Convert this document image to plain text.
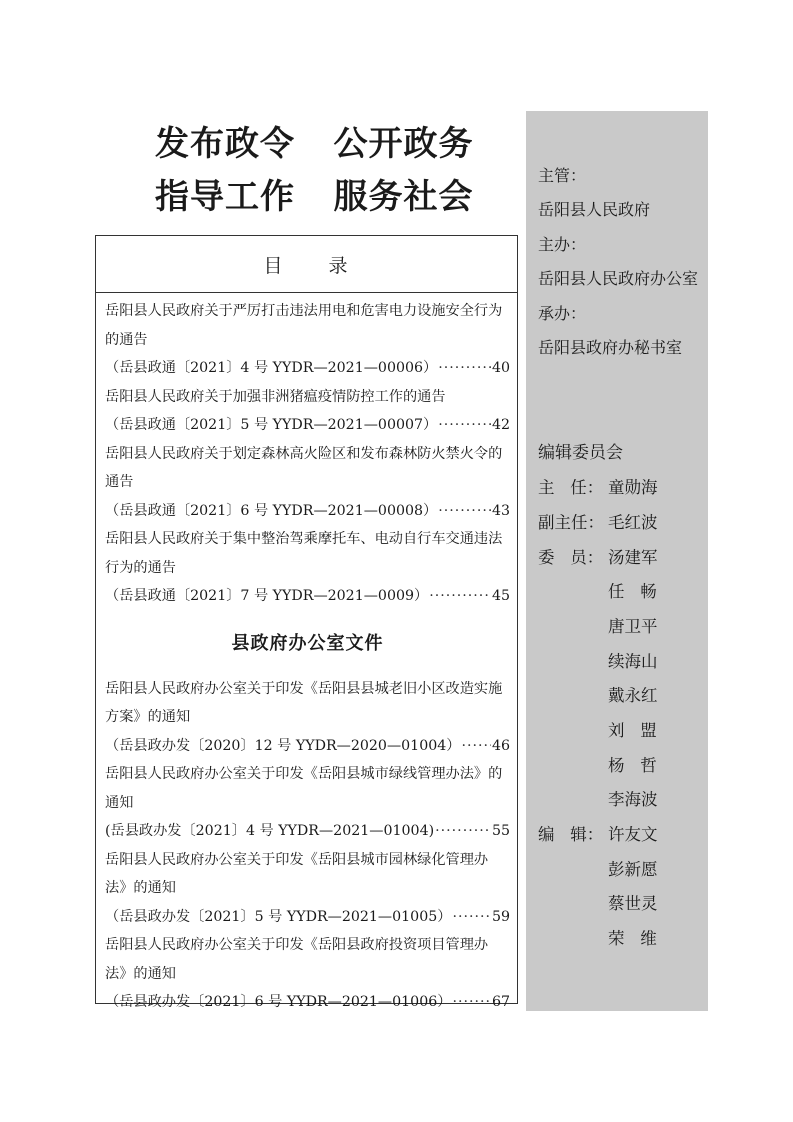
发布政令   公开政务
指导工作   服务社会
目 录
岳阳县人民政府关于严厉打击违法用电和危害电力设施安全行为的通告
（岳县政通〔2021〕4 号 YYDR—2021—00006） ·····	40
岳阳县人民政府关于加强非洲猪瘟疫情防控工作的通告
（岳县政通〔2021〕5 号 YYDR—2021—00007） ·····	42
岳阳县人民政府关于划定森林高火险区和发布森林防火禁火令的通告
（岳县政通〔2021〕6 号 YYDR—2021—00008） ·····	43
岳阳县人民政府关于集中整治驾乘摩托车、电动自行车交通违法行为的通告
（岳县政通〔2021〕7 号 YYDR—2021—0009） ·····	45
县政府办公室文件
岳阳县人民政府办公室关于印发《岳阳县县城老旧小区改造实施方案》的通知
（岳县政办发〔2020〕12 号 YYDR—2020—01004） ····· 46
岳阳县人民政府办公室关于印发《岳阳县城市绿线管理办法》的通知
(岳县政办发〔2021〕4 号 YYDR—2021—01004) ·····	55
岳阳县人民政府办公室关于印发《岳阳县城市园林绿化管理办法》的通知
（岳县政办发〔2021〕5 号 YYDR—2021—01005） ·····	59
岳阳县人民政府办公室关于印发《岳阳县政府投资项目管理办法》的通知
（岳县政办发〔2021〕6 号 YYDR—2021—01006） ·····	67
主管：
岳阳县人民政府
主办：
岳阳县人民政府办公室
承办：
岳阳县政府办秘书室
编辑委员会
主   任： 童勋海
副主任： 毛红波
委   员： 汤建军
任   畅
唐卫平
续海山
戴永红
刘   盟
杨   哲
李海波
编   辑： 许友文
彭新愿
蔡世灵
荣   维
